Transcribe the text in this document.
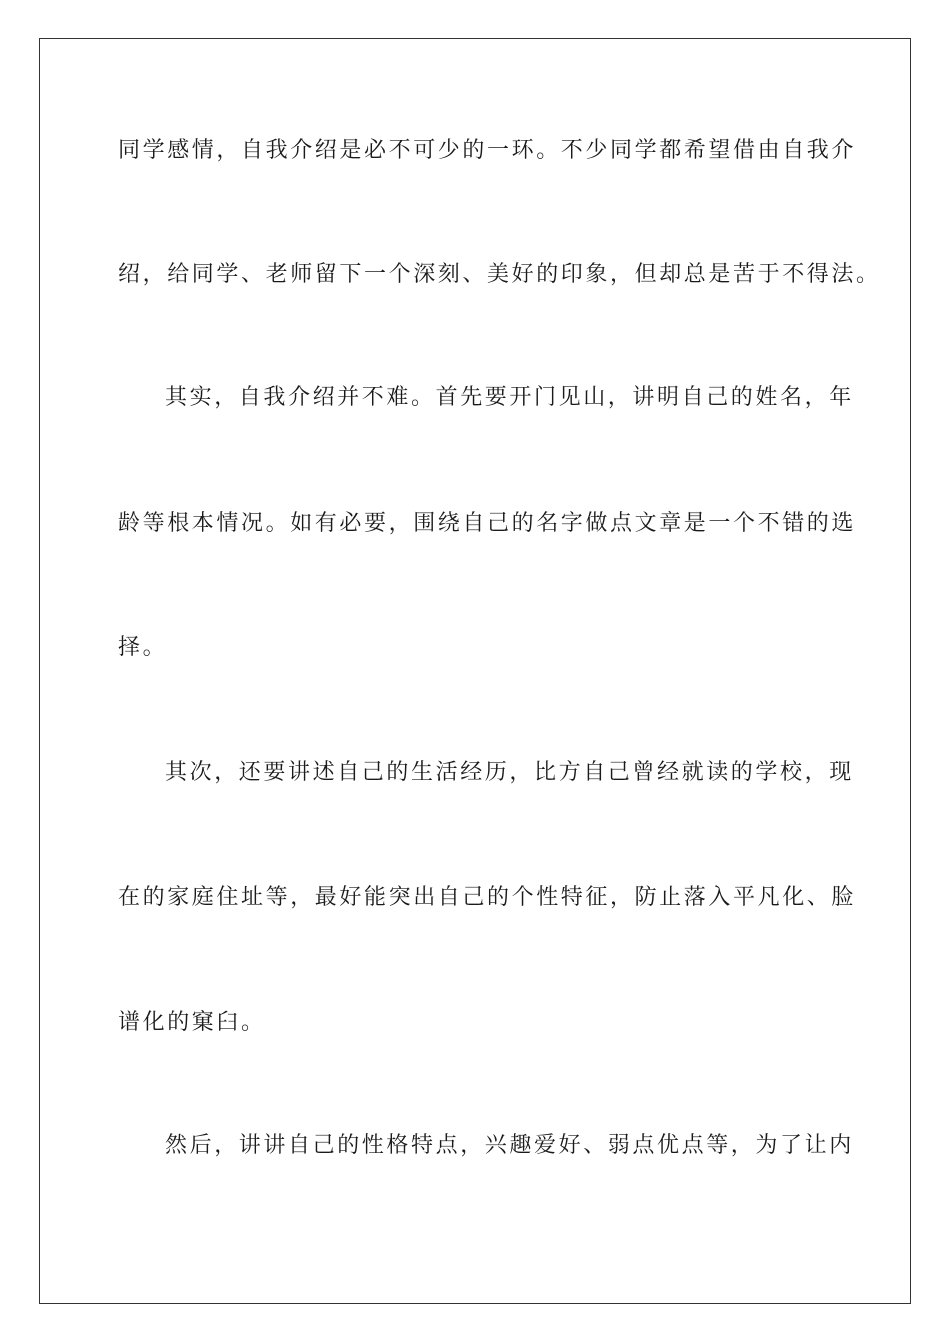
同学感情，自我介绍是必不可少的一环。不少同学都希望借由自我介
绍，给同学、老师留下一个深刻、美好的印象，但却总是苦于不得法。
其实，自我介绍并不难。首先要开门见山，讲明自己的姓名，年
龄等根本情况。如有必要，围绕自己的名字做点文章是一个不错的选
择。
其次，还要讲述自己的生活经历，比方自己曾经就读的学校，现
在的家庭住址等，最好能突出自己的个性特征，防止落入平凡化、脸
谱化的窠臼。
然后，讲讲自己的性格特点，兴趣爱好、弱点优点等，为了让内
